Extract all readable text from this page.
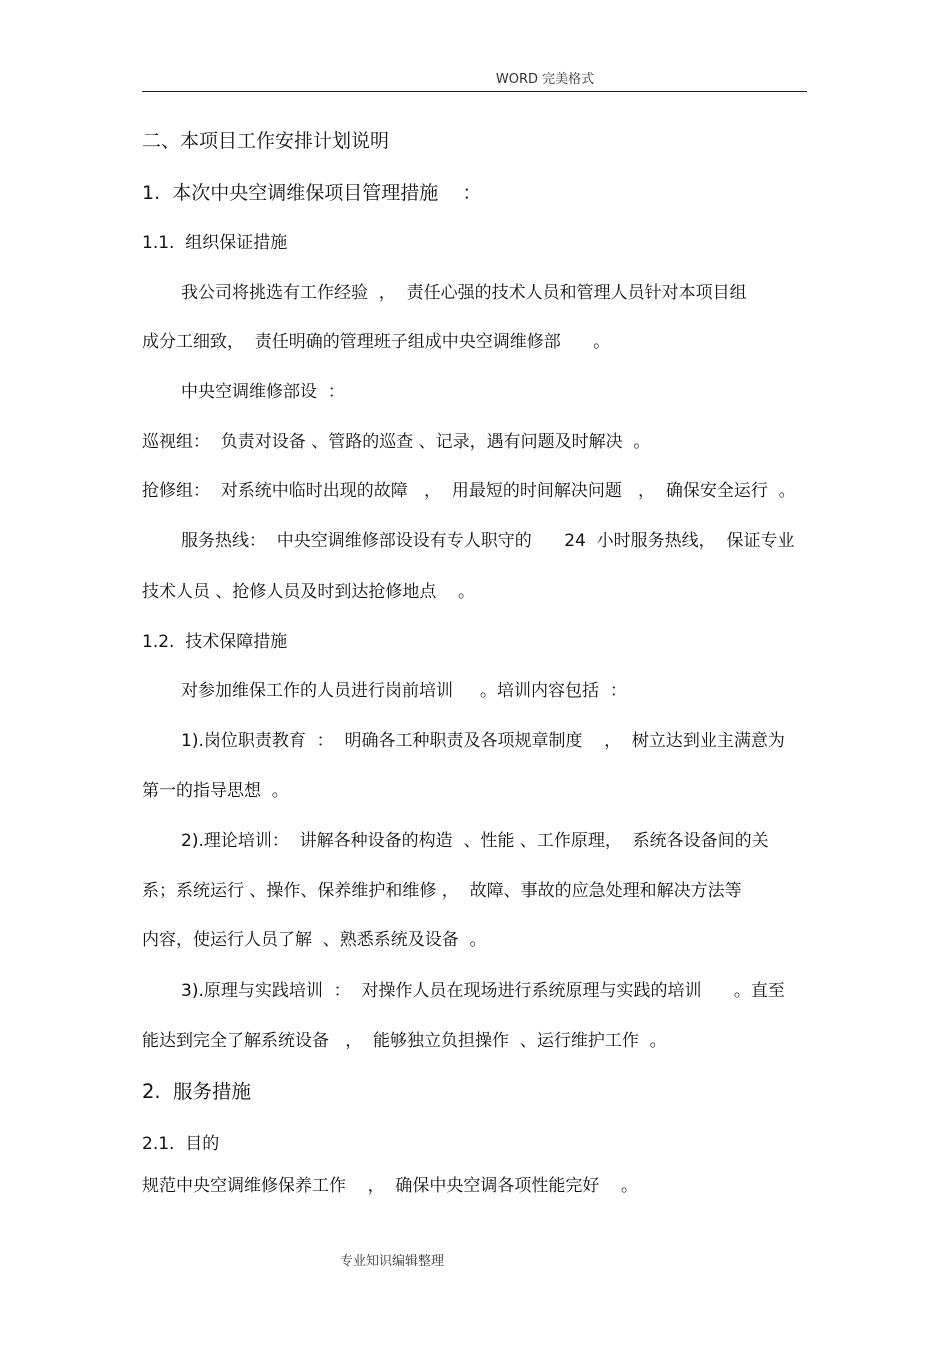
WORD 完美格式
二、本项目工作安排计划说明
1.  本次中央空调维保项目管理措施    ：
1.1.  组织保证措施
我公司将挑选有工作经验  ，  责任心强的技术人员和管理人员针对本项目组
成分工细致，  责任明确的管理班子组成中央空调维修部      。
中央空调维修部设  ：
巡视组：  负责对设备 、管路的巡查 、记录，遇有问题及时解决  。
抢修组：  对系统中临时出现的故障   ，  用最短的时间解决问题   ，  确保安全运行  。
服务热线：  中央空调维修部设设有专人职守的      24  小时服务热线，  保证专业
技术人员 、抢修人员及时到达抢修地点    。
1.2.  技术保障措施
对参加维保工作的人员进行岗前培训     。培训内容包括  ：
1).岗位职责教育  ：  明确各工种职责及各项规章制度    ，  树立达到业主满意为
第一的指导思想  。
2).理论培训：  讲解各种设备的构造  、性能 、工作原理，  系统各设备间的关
系；系统运行 、操作、保养维护和维修 ，  故障、事故的应急处理和解决方法等
内容，使运行人员了解  、熟悉系统及设备  。
3).原理与实践培训  ：  对操作人员在现场进行系统原理与实践的培训      。直至
能达到完全了解系统设备   ，  能够独立负担操作  、运行维护工作  。
2.  服务措施
2.1.  目的
规范中央空调维修保养工作    ，  确保中央空调各项性能完好    。
专业知识编辑整理
